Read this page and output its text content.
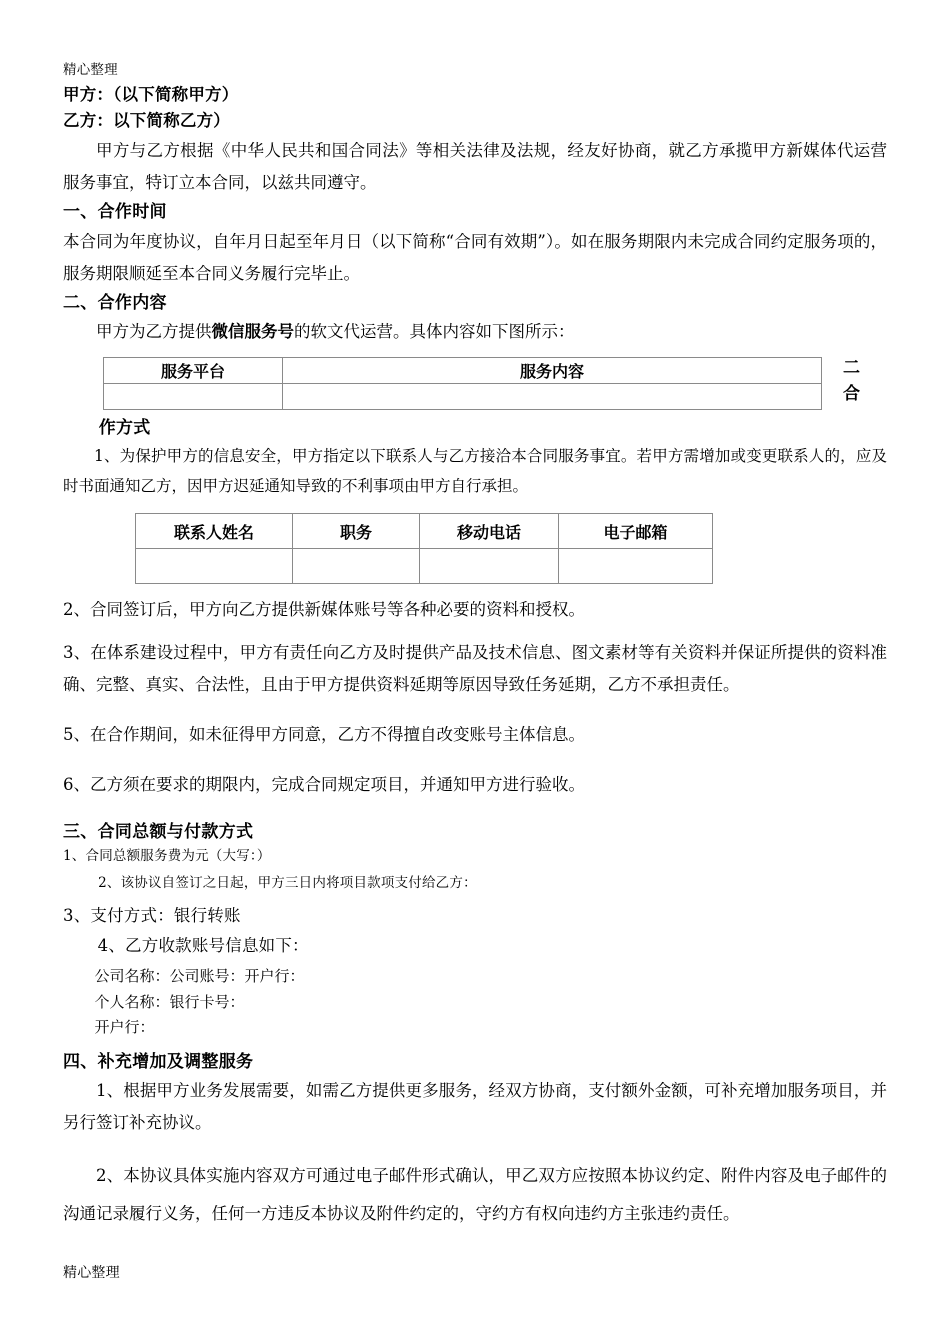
精心整理
甲方：（以下简称甲方）
乙方：以下简称乙方）
甲方与乙方根据《中华人民共和国合同法》等相关法律及法规，经友好协商，就乙方承揽甲方新媒体代运营服务事宜，特订立本合同，以兹共同遵守。
一、合作时间
本合同为年度协议，自年月日起至年月日（以下简称“合同有效期”）。如在服务期限内未完成合同约定服务项的，服务期限顺延至本合同义务履行完毕止。
二、合作内容
甲方为乙方提供微信服务号的软文代运营。具体内容如下图所示：
服务平台	服务内容
		二
合
作方式
1、为保护甲方的信息安全，甲方指定以下联系人与乙方接洽本合同服务事宜。若甲方需增加或变更联系人的，应及时书面通知乙方，因甲方迟延通知导致的不利事项由甲方自行承担。
联系人姓名	职务	移动电话	电子邮箱

2、合同签订后，甲方向乙方提供新媒体账号等各种必要的资料和授权。
3、在体系建设过程中，甲方有责任向乙方及时提供产品及技术信息、图文素材等有关资料并保证所提供的资料准确、完整、真实、合法性，且由于甲方提供资料延期等原因导致任务延期，乙方不承担责任。
5、在合作期间，如未征得甲方同意，乙方不得擅自改变账号主体信息。
6、乙方须在要求的期限内，完成合同规定项目，并通知甲方进行验收。
三、合同总额与付款方式
1、合同总额服务费为元（大写：）
2、该协议自签订之日起，甲方三日内将项目款项支付给乙方：
3、支付方式：银行转账
4、乙方收款账号信息如下：
公司名称：公司账号：开户行：
个人名称：银行卡号：
开户行：
四、补充增加及调整服务
1、根据甲方业务发展需要，如需乙方提供更多服务，经双方协商，支付额外金额，可补充增加服务项目，并另行签订补充协议。
2、本协议具体实施内容双方可通过电子邮件形式确认，甲乙双方应按照本协议约定、附件内容及电子邮件的沟通记录履行义务，任何一方违反本协议及附件约定的，守约方有权向违约方主张违约责任。
精心整理
